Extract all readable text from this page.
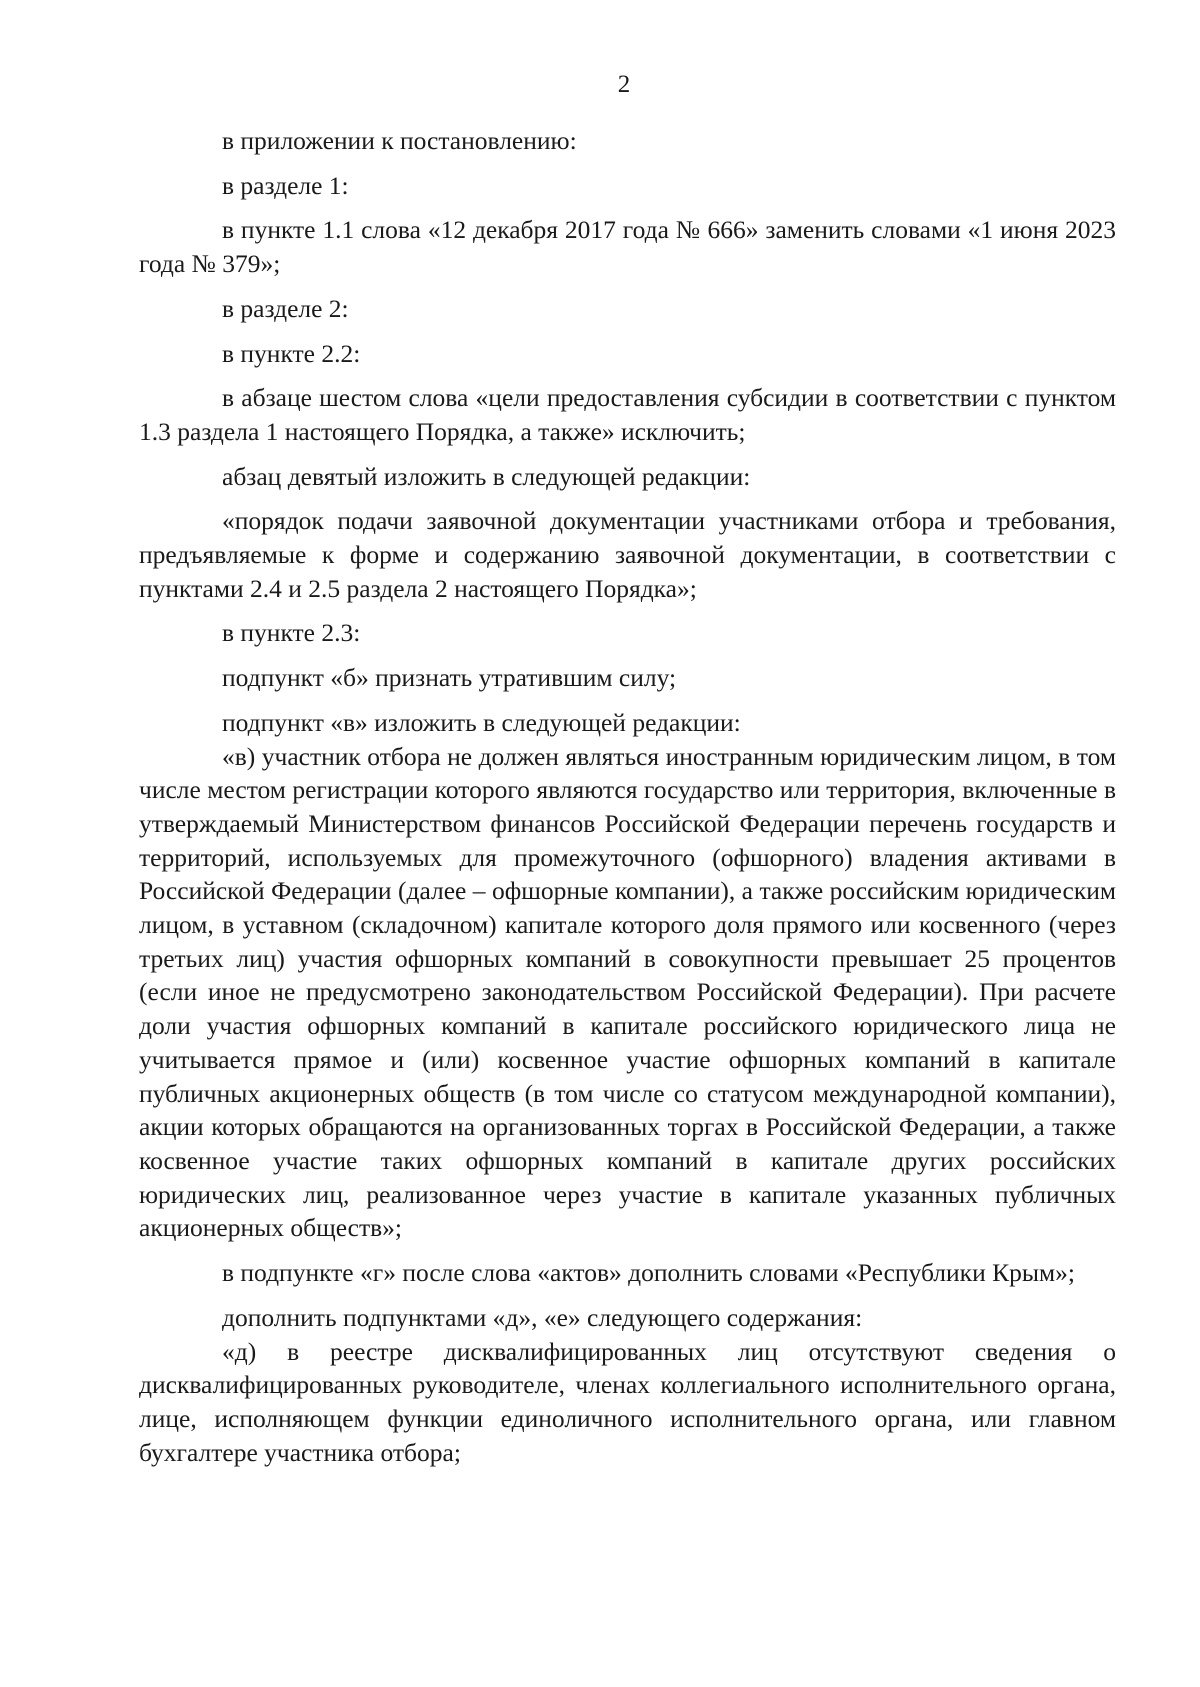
2

в приложении к постановлению:

в разделе 1:

в пункте 1.1 слова «12 декабря 2017 года № 666» заменить словами «1 июня 2023 года № 379»;

в разделе 2:

в пункте 2.2:

в абзаце шестом слова «цели предоставления субсидии в соответствии с пунктом 1.3 раздела 1 настоящего Порядка, а также» исключить;

абзац девятый изложить в следующей редакции:

«порядок подачи заявочной документации участниками отбора и требования, предъявляемые к форме и содержанию заявочной документации, в соответствии с пунктами 2.4 и 2.5 раздела 2 настоящего Порядка»;

в пункте 2.3:

подпункт «б» признать утратившим силу;

подпункт «в» изложить в следующей редакции:

«в) участник отбора не должен являться иностранным юридическим лицом, в том числе местом регистрации которого являются государство или территория, включенные в утверждаемый Министерством финансов Российской Федерации перечень государств и территорий, используемых для промежуточного (офшорного) владения активами в Российской Федерации (далее – офшорные компании), а также российским юридическим лицом, в уставном (складочном) капитале которого доля прямого или косвенного (через третьих лиц) участия офшорных компаний в совокупности превышает 25 процентов (если иное не предусмотрено законодательством Российской Федерации). При расчете доли участия офшорных компаний в капитале российского юридического лица не учитывается прямое и (или) косвенное участие офшорных компаний в капитале публичных акционерных обществ (в том числе со статусом международной компании), акции которых обращаются на организованных торгах в Российской Федерации, а также косвенное участие таких офшорных компаний в капитале других российских юридических лиц, реализованное через участие в капитале указанных публичных акционерных обществ»;

в подпункте «г» после слова «актов» дополнить словами «Республики Крым»;

дополнить подпунктами «д», «е» следующего содержания:

«д) в реестре дисквалифицированных лиц отсутствуют сведения о дисквалифицированных руководителе, членах коллегиального исполнительного органа, лице, исполняющем функции единоличного исполнительного органа, или главном бухгалтере участника отбора;
